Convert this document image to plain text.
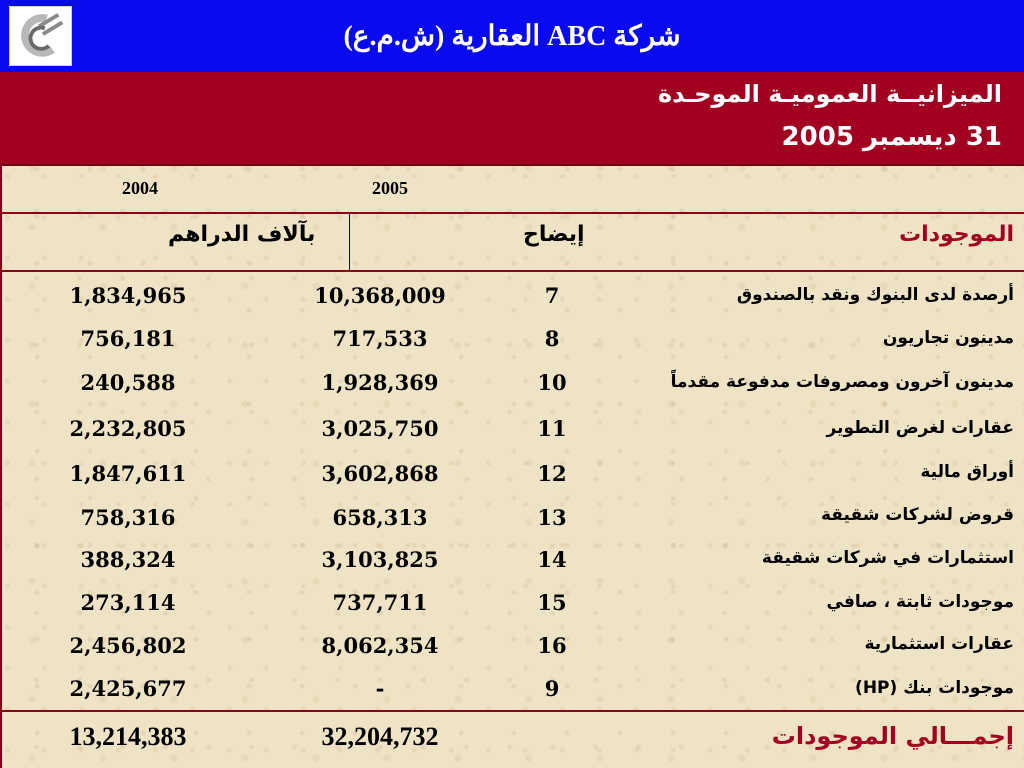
شركة ABC العقارية (ش.م.ع)
الميزانيــة العموميـة الموحـدة
31 ديسمبر 2005
2005
2004
الموجودات
إيضاح
بآلاف الدراهم
أرصدة لدى البنوك ونقد بالصندوق
7
10,368,009
1,834,965
مدينون تجاريون
8
717,533
756,181
مدينون آخرون ومصروفات مدفوعة مقدماً
10
1,928,369
240,588
عقارات لغرض التطوير
11
3,025,750
2,232,805
أوراق مالية
12
3,602,868
1,847,611
قروض لشركات شقيقة
13
658,313
758,316
استثمارات في شركات شقيقة
14
3,103,825
388,324
موجودات ثابتة ، صافي
15
737,711
273,114
عقارات استثمارية
16
8,062,354
2,456,802
موجودات بنك (HP)
9
-
2,425,677
إجمـــالي الموجودات
32,204,732
13,214,383
